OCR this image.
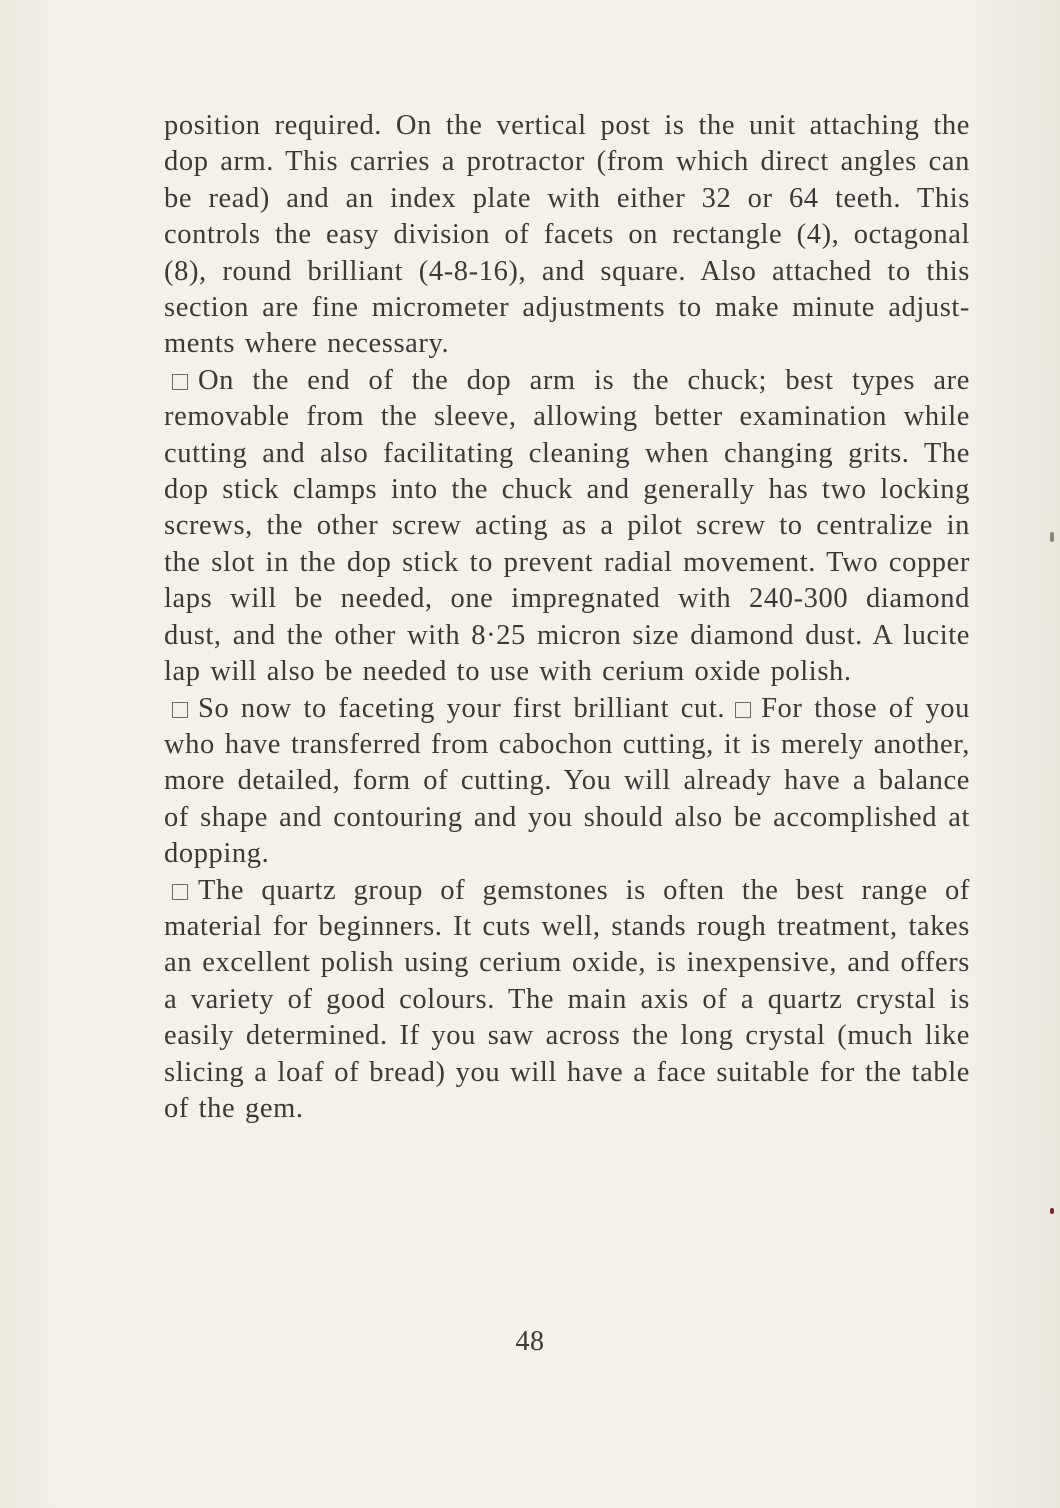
position required. On the vertical post is the unit attaching the dop arm. This carries a protractor (from which direct angles can be read) and an index plate with either 32 or 64 teeth. This controls the easy division of facets on rectangle (4), octagonal (8), round brilliant (4-8-16), and square. Also attached to this section are fine micrometer adjustments to make minute adjust-ments where necessary.

On the end of the dop arm is the chuck; best types are removable from the sleeve, allowing better examination while cutting and also facilitating cleaning when changing grits. The dop stick clamps into the chuck and generally has two locking screws, the other screw acting as a pilot screw to centralize in the slot in the dop stick to prevent radial movement. Two copper laps will be needed, one impregnated with 240-300 diamond dust, and the other with 8·25 micron size diamond dust. A lucite lap will also be needed to use with cerium oxide polish.

So now to faceting your first brilliant cut. For those of you who have transferred from cabochon cutting, it is merely another, more detailed, form of cutting. You will already have a balance of shape and contouring and you should also be accomplished at dopping.

The quartz group of gemstones is often the best range of material for beginners. It cuts well, stands rough treatment, takes an excellent polish using cerium oxide, is inexpensive, and offers a variety of good colours. The main axis of a quartz crystal is easily determined. If you saw across the long crystal (much like slicing a loaf of bread) you will have a face suitable for the table of the gem.

48
